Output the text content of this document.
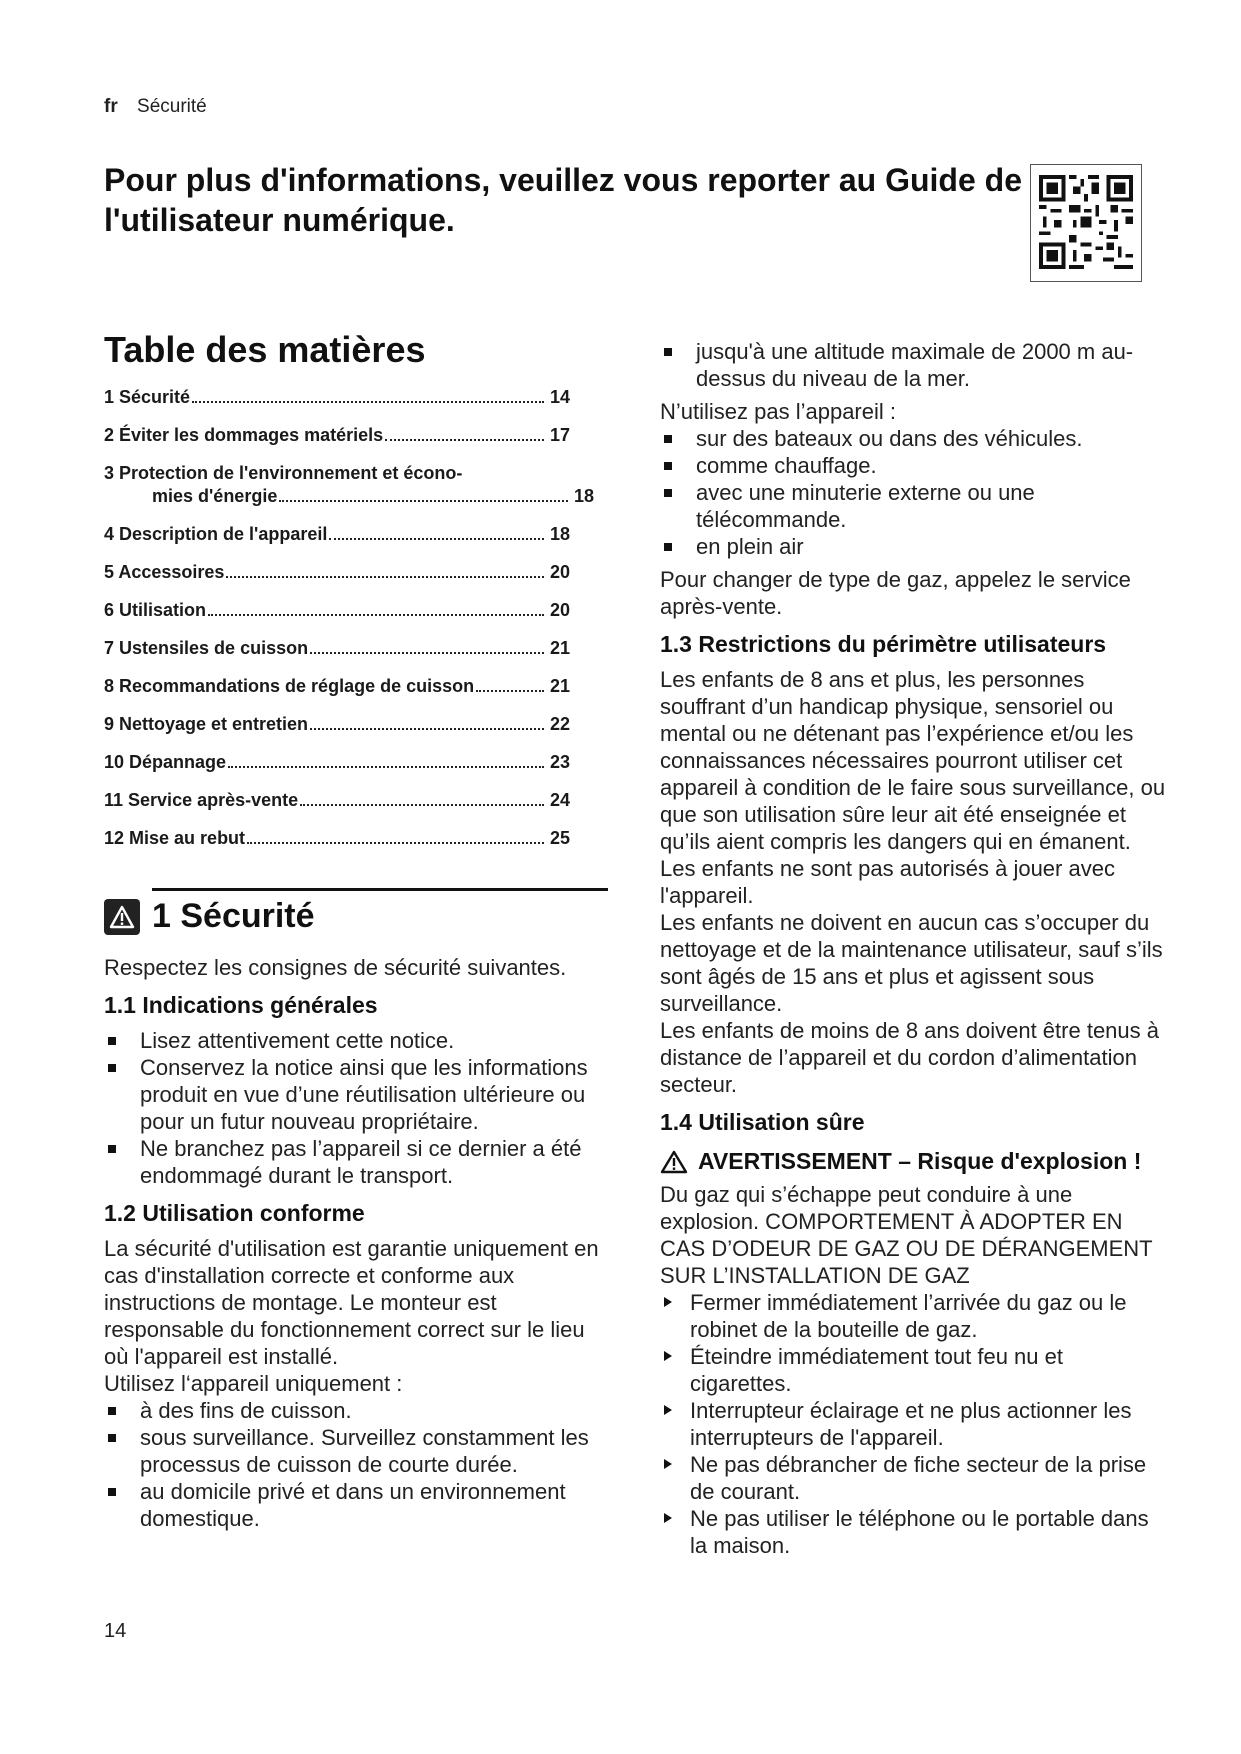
fr Sécurité
Pour plus d'informations, veuillez vous reporter au Guide de l'utilisateur numérique.
Table des matières
1 Sécurité	14
2 Éviter les dommages matériels	17
3 Protection de l'environnement et écono-
mies d'énergie	18
4 Description de l'appareil	18
5 Accessoires	20
6 Utilisation	20
7 Ustensiles de cuisson	21
8 Recommandations de réglage de cuisson	21
9 Nettoyage et entretien	22
10 Dépannage	23
11 Service après-vente	24
12 Mise au rebut	25
1 Sécurité

Respectez les consignes de sécurité suivantes.

1.1 Indications générales
Lisez attentivement cette notice.
Conservez la notice ainsi que les informations produit en vue d’une réutilisation ultérieure ou pour un futur nouveau propriétaire.
Ne branchez pas l’appareil si ce dernier a été endommagé durant le transport.
1.2 Utilisation conforme

La sécurité d'utilisation est garantie uniquement en cas d'installation correcte et conforme aux instructions de montage. Le monteur est responsable du fonctionnement correct sur le lieu où l'appareil est installé.

Utilisez l‘appareil uniquement :

à des fins de cuisson.
sous surveillance. Surveillez constamment les processus de cuisson de courte durée.
au domicile privé et dans un environnement domestique.
jusqu'à une altitude maximale de 2000 m au-dessus du niveau de la mer.

N’utilisez pas l’appareil :

sur des bateaux ou dans des véhicules.
comme chauffage.
avec une minuterie externe ou une télécommande.
en plein air

Pour changer de type de gaz, appelez le service après-vente.

1.3 Restrictions du périmètre utilisateurs

Les enfants de 8 ans et plus, les personnes souffrant d’un handicap physique, sensoriel ou mental ou ne détenant pas l’expérience et/ou les connaissances nécessaires pourront utiliser cet appareil à condition de le faire sous surveillance, ou que son utilisation sûre leur ait été enseignée et qu’ils aient compris les dangers qui en émanent.

Les enfants ne sont pas autorisés à jouer avec l'appareil.

Les enfants ne doivent en aucun cas s’occuper du nettoyage et de la maintenance utilisateur, sauf s’ils sont âgés de 15 ans et plus et agissent sous surveillance.

Les enfants de moins de 8 ans doivent être tenus à distance de l’appareil et du cordon d’alimentation secteur.

1.4 Utilisation sûre
AVERTISSEMENT – Risque d'explosion !

Du gaz qui s’échappe peut conduire à une explosion. COMPORTEMENT À ADOPTER EN CAS D’ODEUR DE GAZ OU DE DÉRANGEMENT SUR L’INSTALLATION DE GAZ

Fermer immédiatement l’arrivée du gaz ou le robinet de la bouteille de gaz.
Éteindre immédiatement tout feu nu et cigarettes.
Interrupteur éclairage et ne plus actionner les interrupteurs de l'appareil.
Ne pas débrancher de fiche secteur de la prise de courant.
Ne pas utiliser le téléphone ou le portable dans la maison.
14
